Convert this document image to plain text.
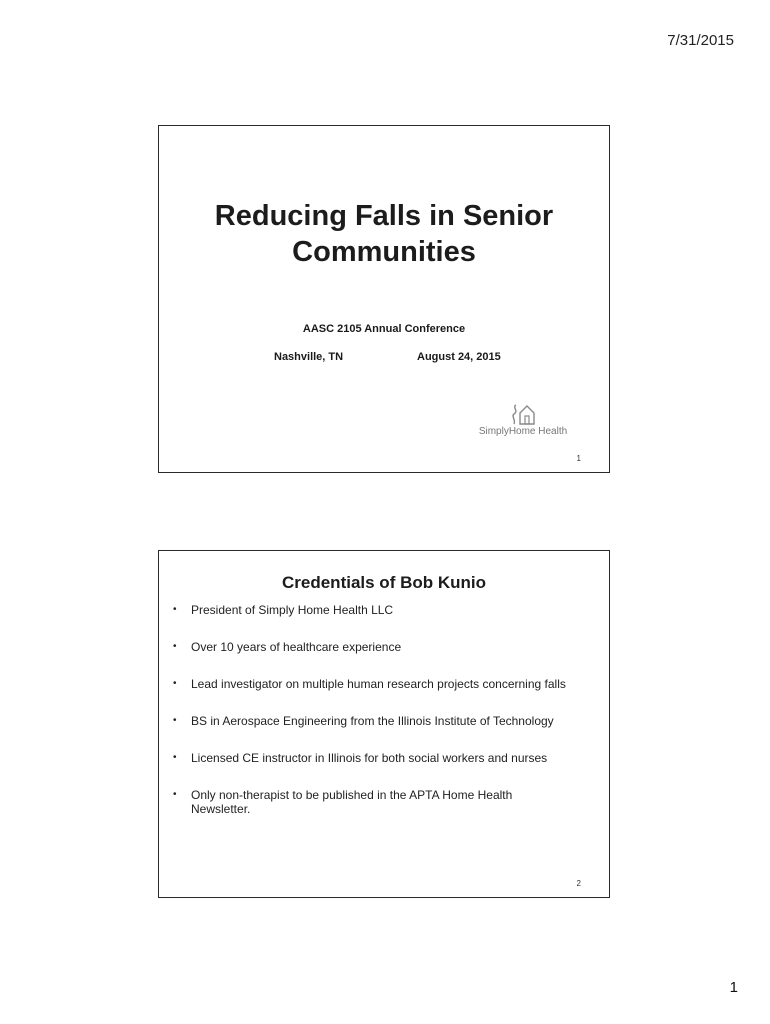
7/31/2015
Reducing Falls in Senior Communities
AASC 2105 Annual Conference
Nashville, TN	August 24, 2015
SimplyHome Health
1
Credentials of Bob Kunio
• President of Simply Home Health LLC
• Over 10 years of healthcare experience
• Lead investigator on multiple human research projects concerning falls
• BS in Aerospace Engineering from the Illinois Institute of Technology
• Licensed CE instructor in Illinois for both social workers and nurses
• Only non-therapist to be published in the APTA Home Health Newsletter.
2
1
